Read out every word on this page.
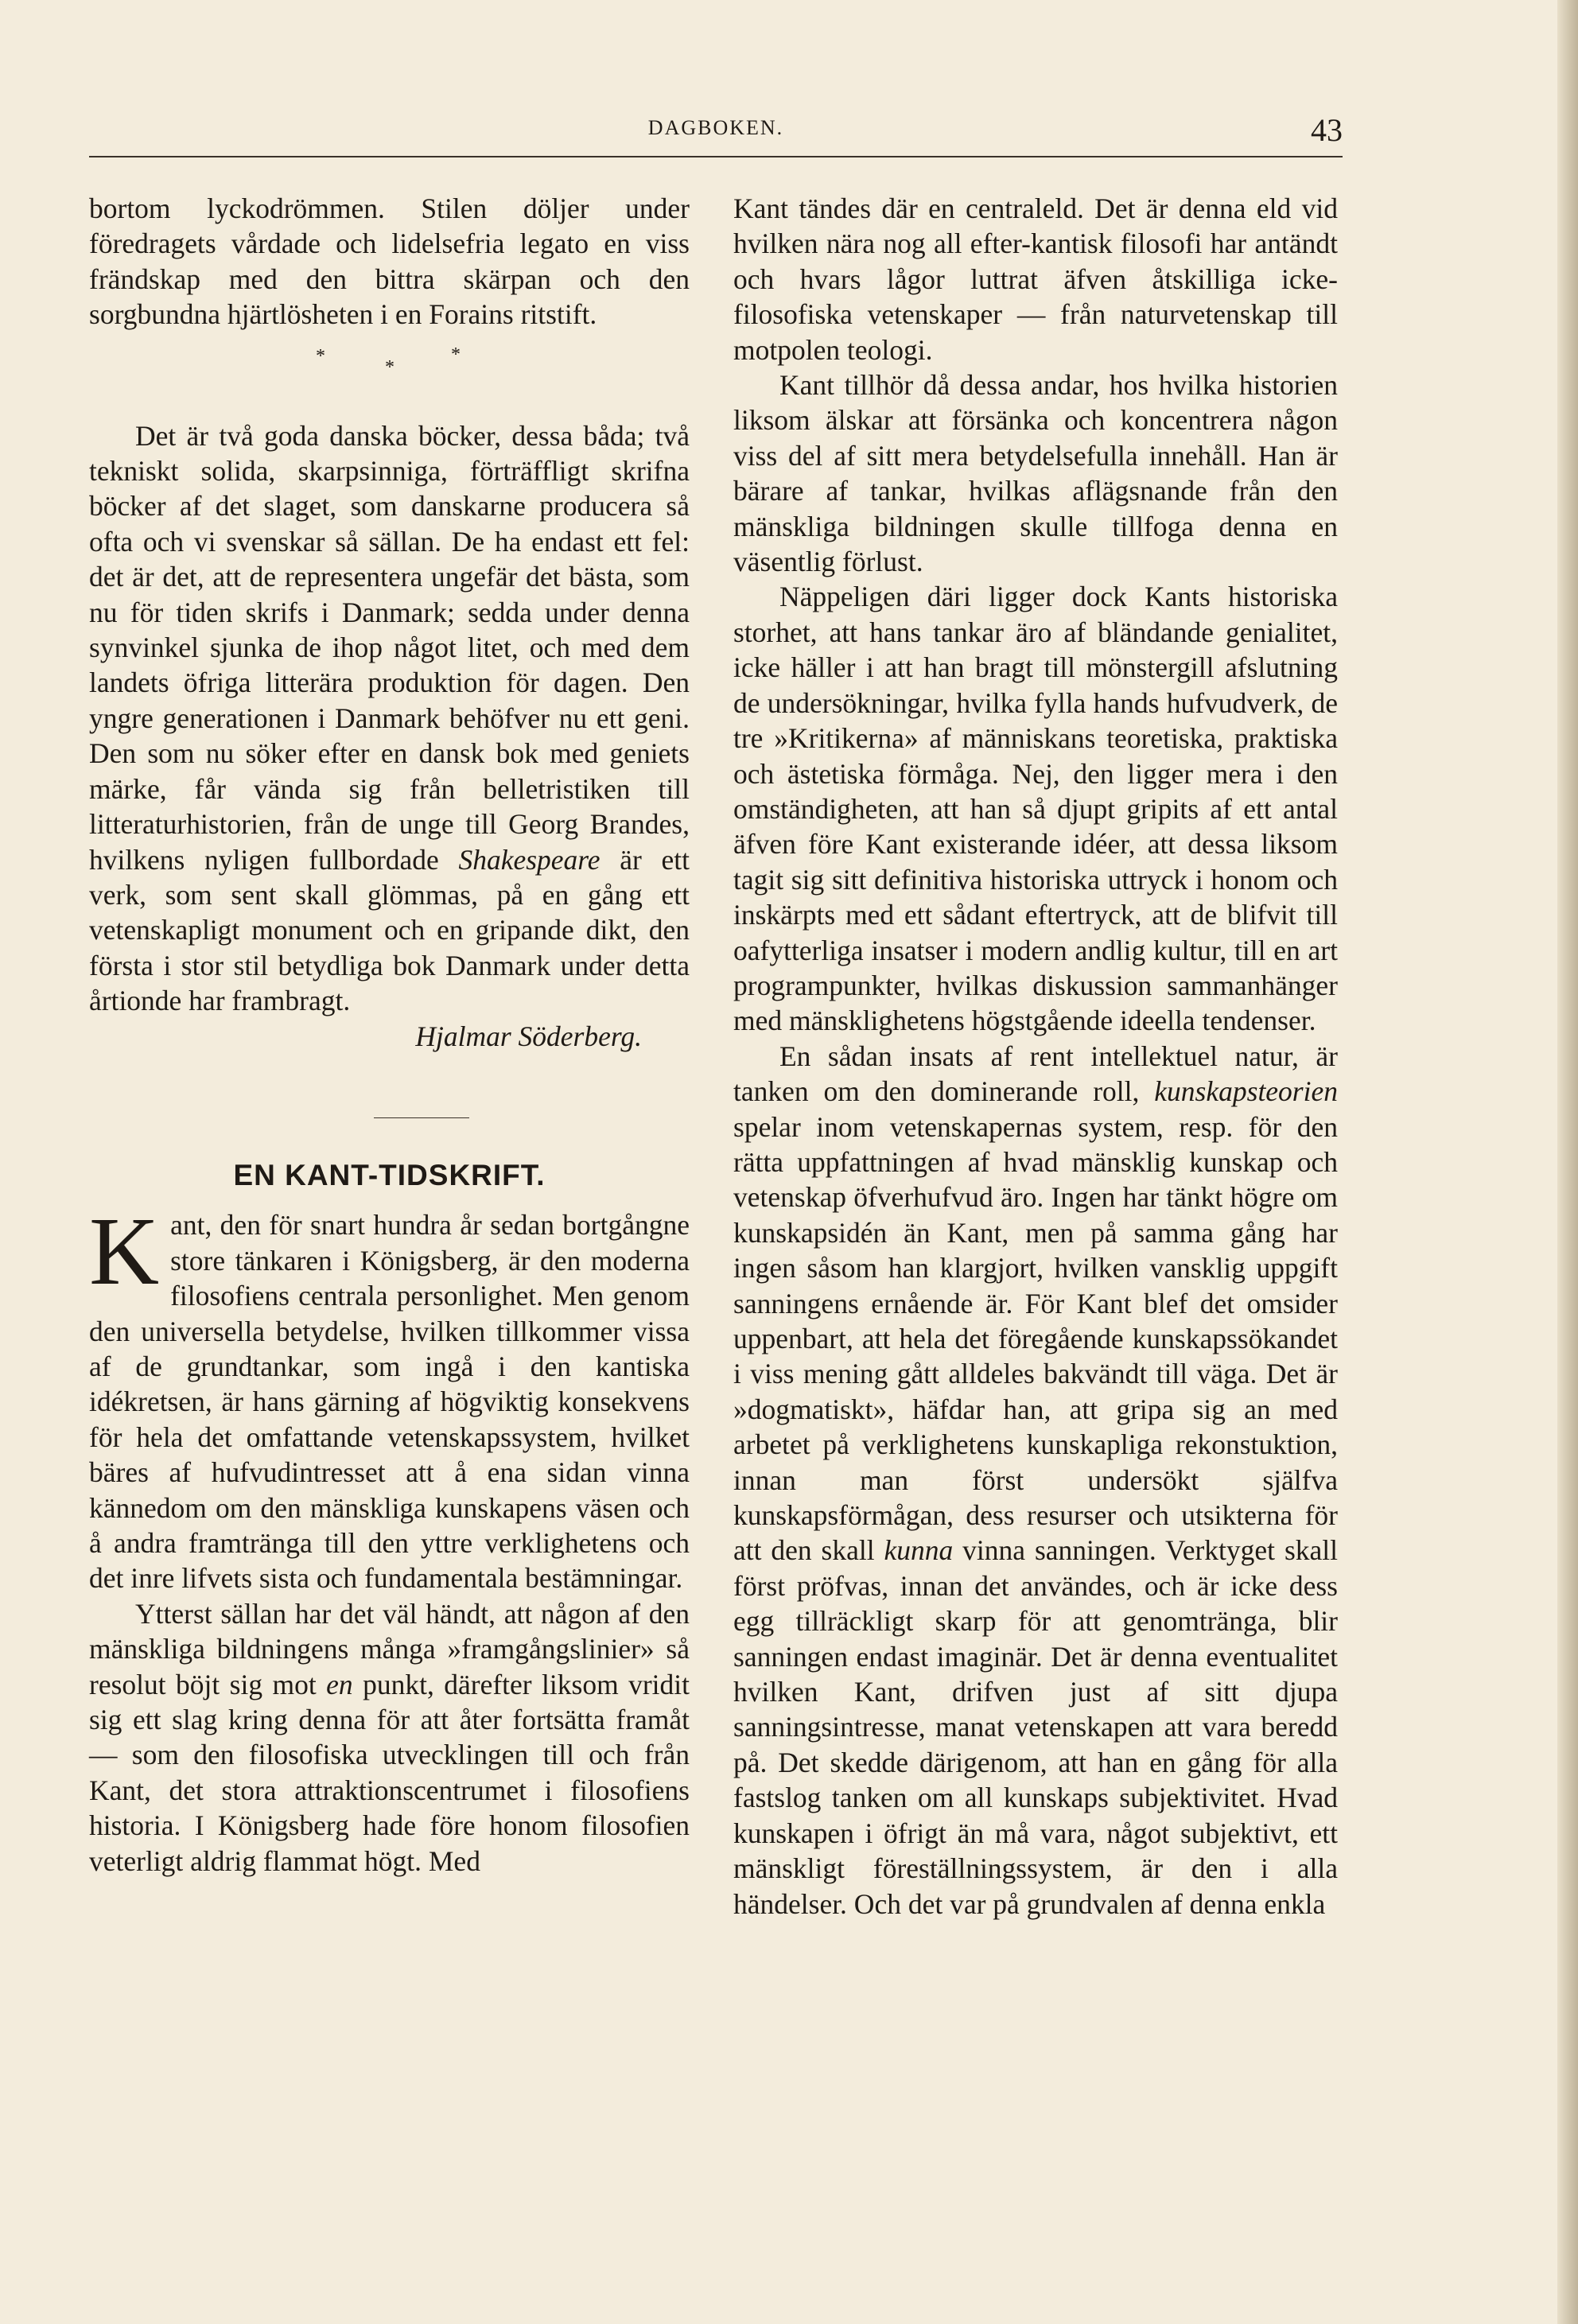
DAGBOKEN.	43

bortom lyckodrömmen. Stilen döljer under föredragets vårdade och lidelsefria legato en viss frändskap med den bittra skärpan och den sorgbundna hjärtlösheten i en Forains ritstift.

*
*
*

Det är två goda danska böcker, dessa båda; två tekniskt solida, skarpsinniga, förträffligt skrifna böcker af det slaget, som danskarne producera så ofta och vi svenskar så sällan. De ha endast ett fel: det är det, att de representera ungefär det bästa, som nu för tiden skrifs i Danmark; sedda under denna synvinkel sjunka de ihop något litet, och med dem landets öfriga litterära produktion för dagen. Den yngre generationen i Danmark behöfver nu ett geni. Den som nu söker efter en dansk bok med geniets märke, får vända sig från belletristiken till litteraturhistorien, från de unge till Georg Brandes, hvilkens nyligen fullbordade Shakespeare är ett verk, som sent skall glömmas, på en gång ett vetenskapligt monument och en gripande dikt, den första i stor stil betydliga bok Danmark under detta årtionde har frambragt.

Hjalmar Söderberg.

EN KANT-TIDSKRIFT.

Kant, den för snart hundra år sedan bortgångne store tänkaren i Königsberg, är den moderna filosofiens centrala personlighet. Men genom den universella betydelse, hvilken tillkommer vissa af de grundtankar, som ingå i den kantiska idékretsen, är hans gärning af högviktig konsekvens för hela det omfattande vetenskapssystem, hvilket bäres af hufvudintresset att å ena sidan vinna kännedom om den mänskliga kunskapens väsen och å andra framtränga till den yttre verklighetens och det inre lifvets sista och fundamentala bestämningar.

Ytterst sällan har det väl händt, att någon af den mänskliga bildningens många »framgångslinier» så resolut böjt sig mot en punkt, därefter liksom vridit sig ett slag kring denna för att åter fortsätta framåt — som den filosofiska utvecklingen till och från Kant, det stora attraktionscentrumet i filosofiens historia. I Königsberg hade före honom filosofien veterligt aldrig flammat högt. Med

Kant tändes där en centraleld. Det är denna eld vid hvilken nära nog all efter-kantisk filosofi har antändt och hvars lågor luttrat äfven åtskilliga icke-filosofiska vetenskaper — från naturvetenskap till motpolen teologi.

Kant tillhör då dessa andar, hos hvilka historien liksom älskar att försänka och koncentrera någon viss del af sitt mera betydelsefulla innehåll. Han är bärare af tankar, hvilkas aflägsnande från den mänskliga bildningen skulle tillfoga denna en väsentlig förlust.

Näppeligen däri ligger dock Kants historiska storhet, att hans tankar äro af bländande genialitet, icke häller i att han bragt till mönstergill afslutning de undersökningar, hvilka fylla hands hufvudverk, de tre »Kritikerna» af människans teoretiska, praktiska och ästetiska förmåga. Nej, den ligger mera i den omständigheten, att han så djupt gripits af ett antal äfven före Kant existerande idéer, att dessa liksom tagit sig sitt definitiva historiska uttryck i honom och inskärpts med ett sådant eftertryck, att de blifvit till oafytterliga insatser i modern andlig kultur, till en art programpunkter, hvilkas diskussion sammanhänger med mänsklighetens högstgående ideella tendenser.

En sådan insats af rent intellektuel natur, är tanken om den dominerande roll, kunskapsteorien spelar inom vetenskapernas system, resp. för den rätta uppfattningen af hvad mänsklig kunskap och vetenskap öfverhufvud äro. Ingen har tänkt högre om kunskapsidén än Kant, men på samma gång har ingen såsom han klargjort, hvilken vansklig uppgift sanningens ernående är. För Kant blef det omsider uppenbart, att hela det föregående kunskapssökandet i viss mening gått alldeles bakvändt till väga. Det är »dogmatiskt», häfdar han, att gripa sig an med arbetet på verklighetens kunskapliga rekonstuktion, innan man först undersökt själfva kunskapsförmågan, dess resurser och utsikterna för att den skall kunna vinna sanningen. Verktyget skall först pröfvas, innan det användes, och är icke dess egg tillräckligt skarp för att genomtränga, blir sanningen endast imaginär. Det är denna eventualitet hvilken Kant, drifven just af sitt djupa sanningsintresse, manat vetenskapen att vara beredd på. Det skedde därigenom, att han en gång för alla fastslog tanken om all kunskaps subjektivitet. Hvad kunskapen i öfrigt än må vara, något subjektivt, ett mänskligt föreställningssystem, är den i alla händelser. Och det var på grundvalen af denna enkla
